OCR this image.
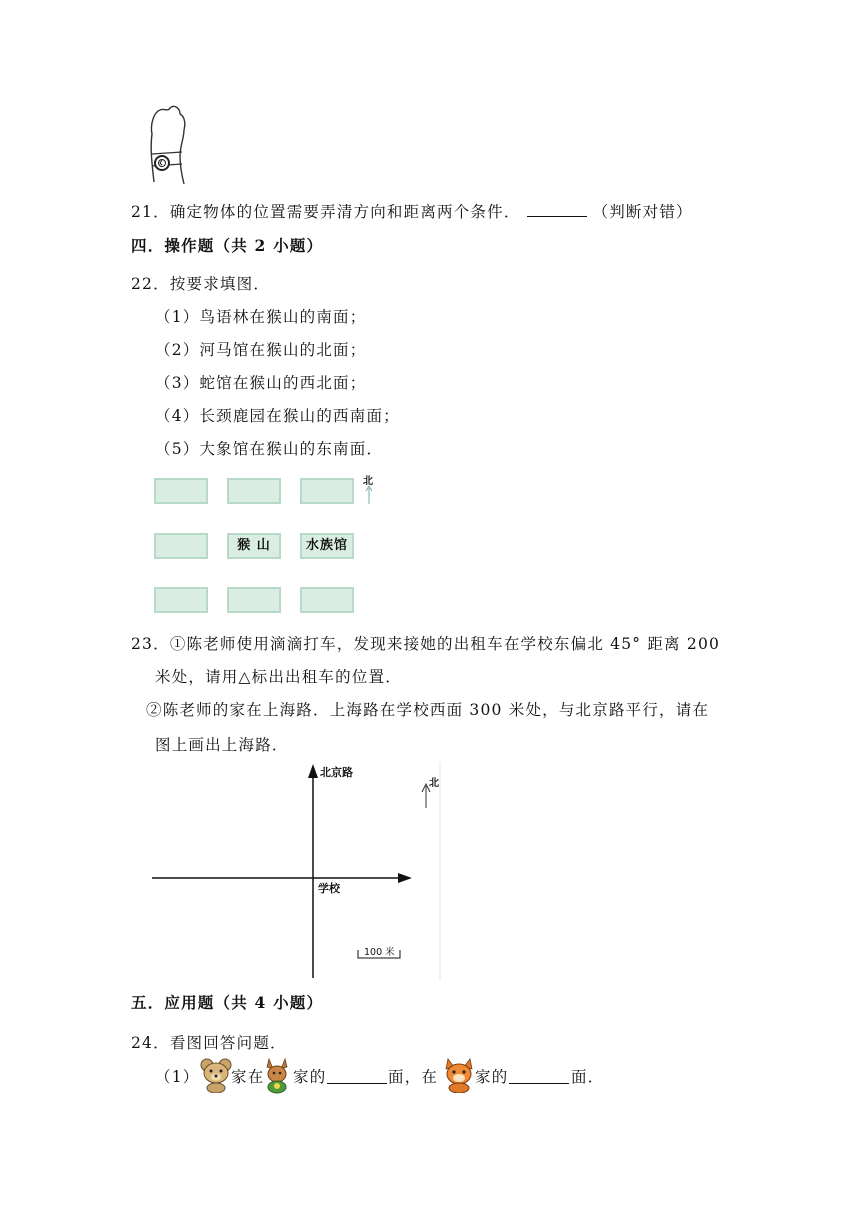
21．确定物体的位置需要弄清方向和距离两个条件．	（判断对错）
四．操作题（共 2 小题）
22．按要求填图．
（1）鸟语林在猴山的南面；
（2）河马馆在猴山的北面；
（3）蛇馆在猴山的西北面；
（4）长颈鹿园在猴山的西南面；
（5）大象馆在猴山的东南面．
猴 山	水族馆
北
23．①陈老师使用滴滴打车，发现来接她的出租车在学校东偏北 45° 距离 200
米处，请用△标出出租车的位置．
②陈老师的家在上海路．上海路在学校西面 300 米处，与北京路平行，请在
图上画出上海路．
北京路
北
学校
100 米
五．应用题（共 4 小题）
24．看图回答问题．
（1） 家在 家的	面，在 家的	面．
